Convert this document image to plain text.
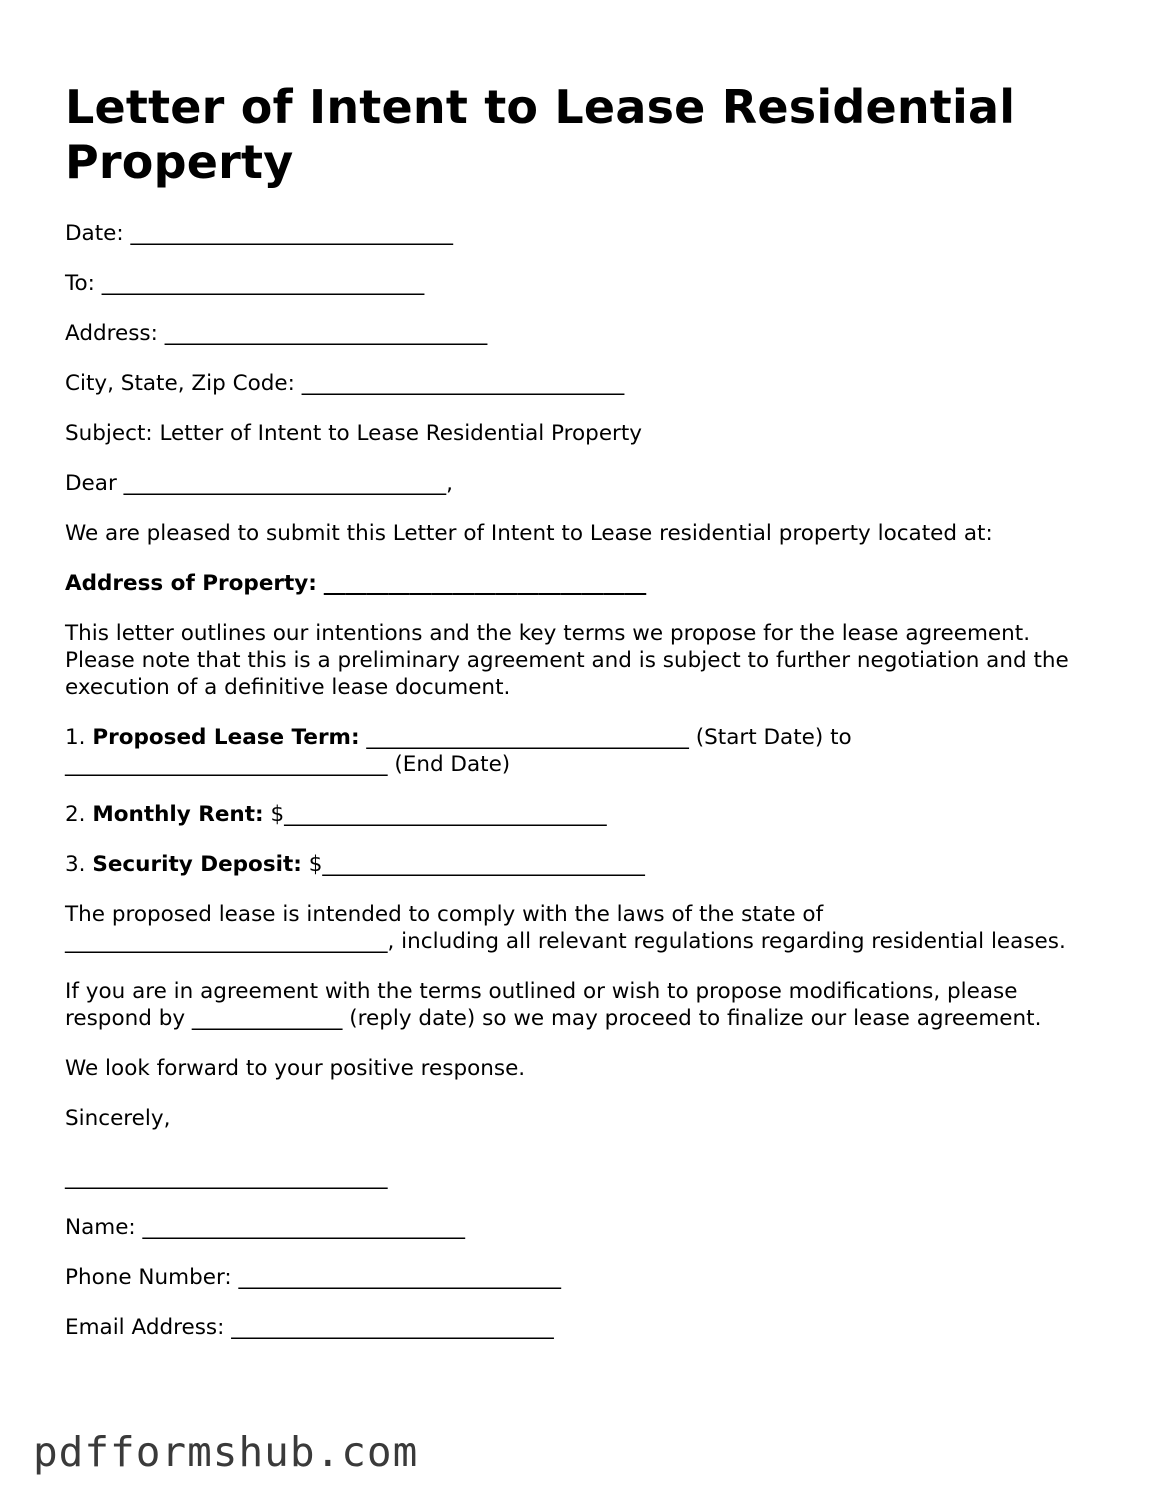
Letter of Intent to Lease Residential Property

Date: ______________________________

To: ______________________________

Address: ______________________________

City, State, Zip Code: ______________________________

Subject: Letter of Intent to Lease Residential Property

Dear ______________________________,

We are pleased to submit this Letter of Intent to Lease residential property located at:

Address of Property: ______________________________

This letter outlines our intentions and the key terms we propose for the lease agreement. Please note that this is a preliminary agreement and is subject to further negotiation and the execution of a definitive lease document.

1. Proposed Lease Term: ______________________________ (Start Date) to ______________________________ (End Date)

2. Monthly Rent: $______________________________

3. Security Deposit: $______________________________

The proposed lease is intended to comply with the laws of the state of ______________________________, including all relevant regulations regarding residential leases.

If you are in agreement with the terms outlined or wish to propose modifications, please respond by ______________ (reply date) so we may proceed to finalize our lease agreement.

We look forward to your positive response.

Sincerely,

______________________________

Name: ______________________________

Phone Number: ______________________________

Email Address: ______________________________

pdfformshub.com
